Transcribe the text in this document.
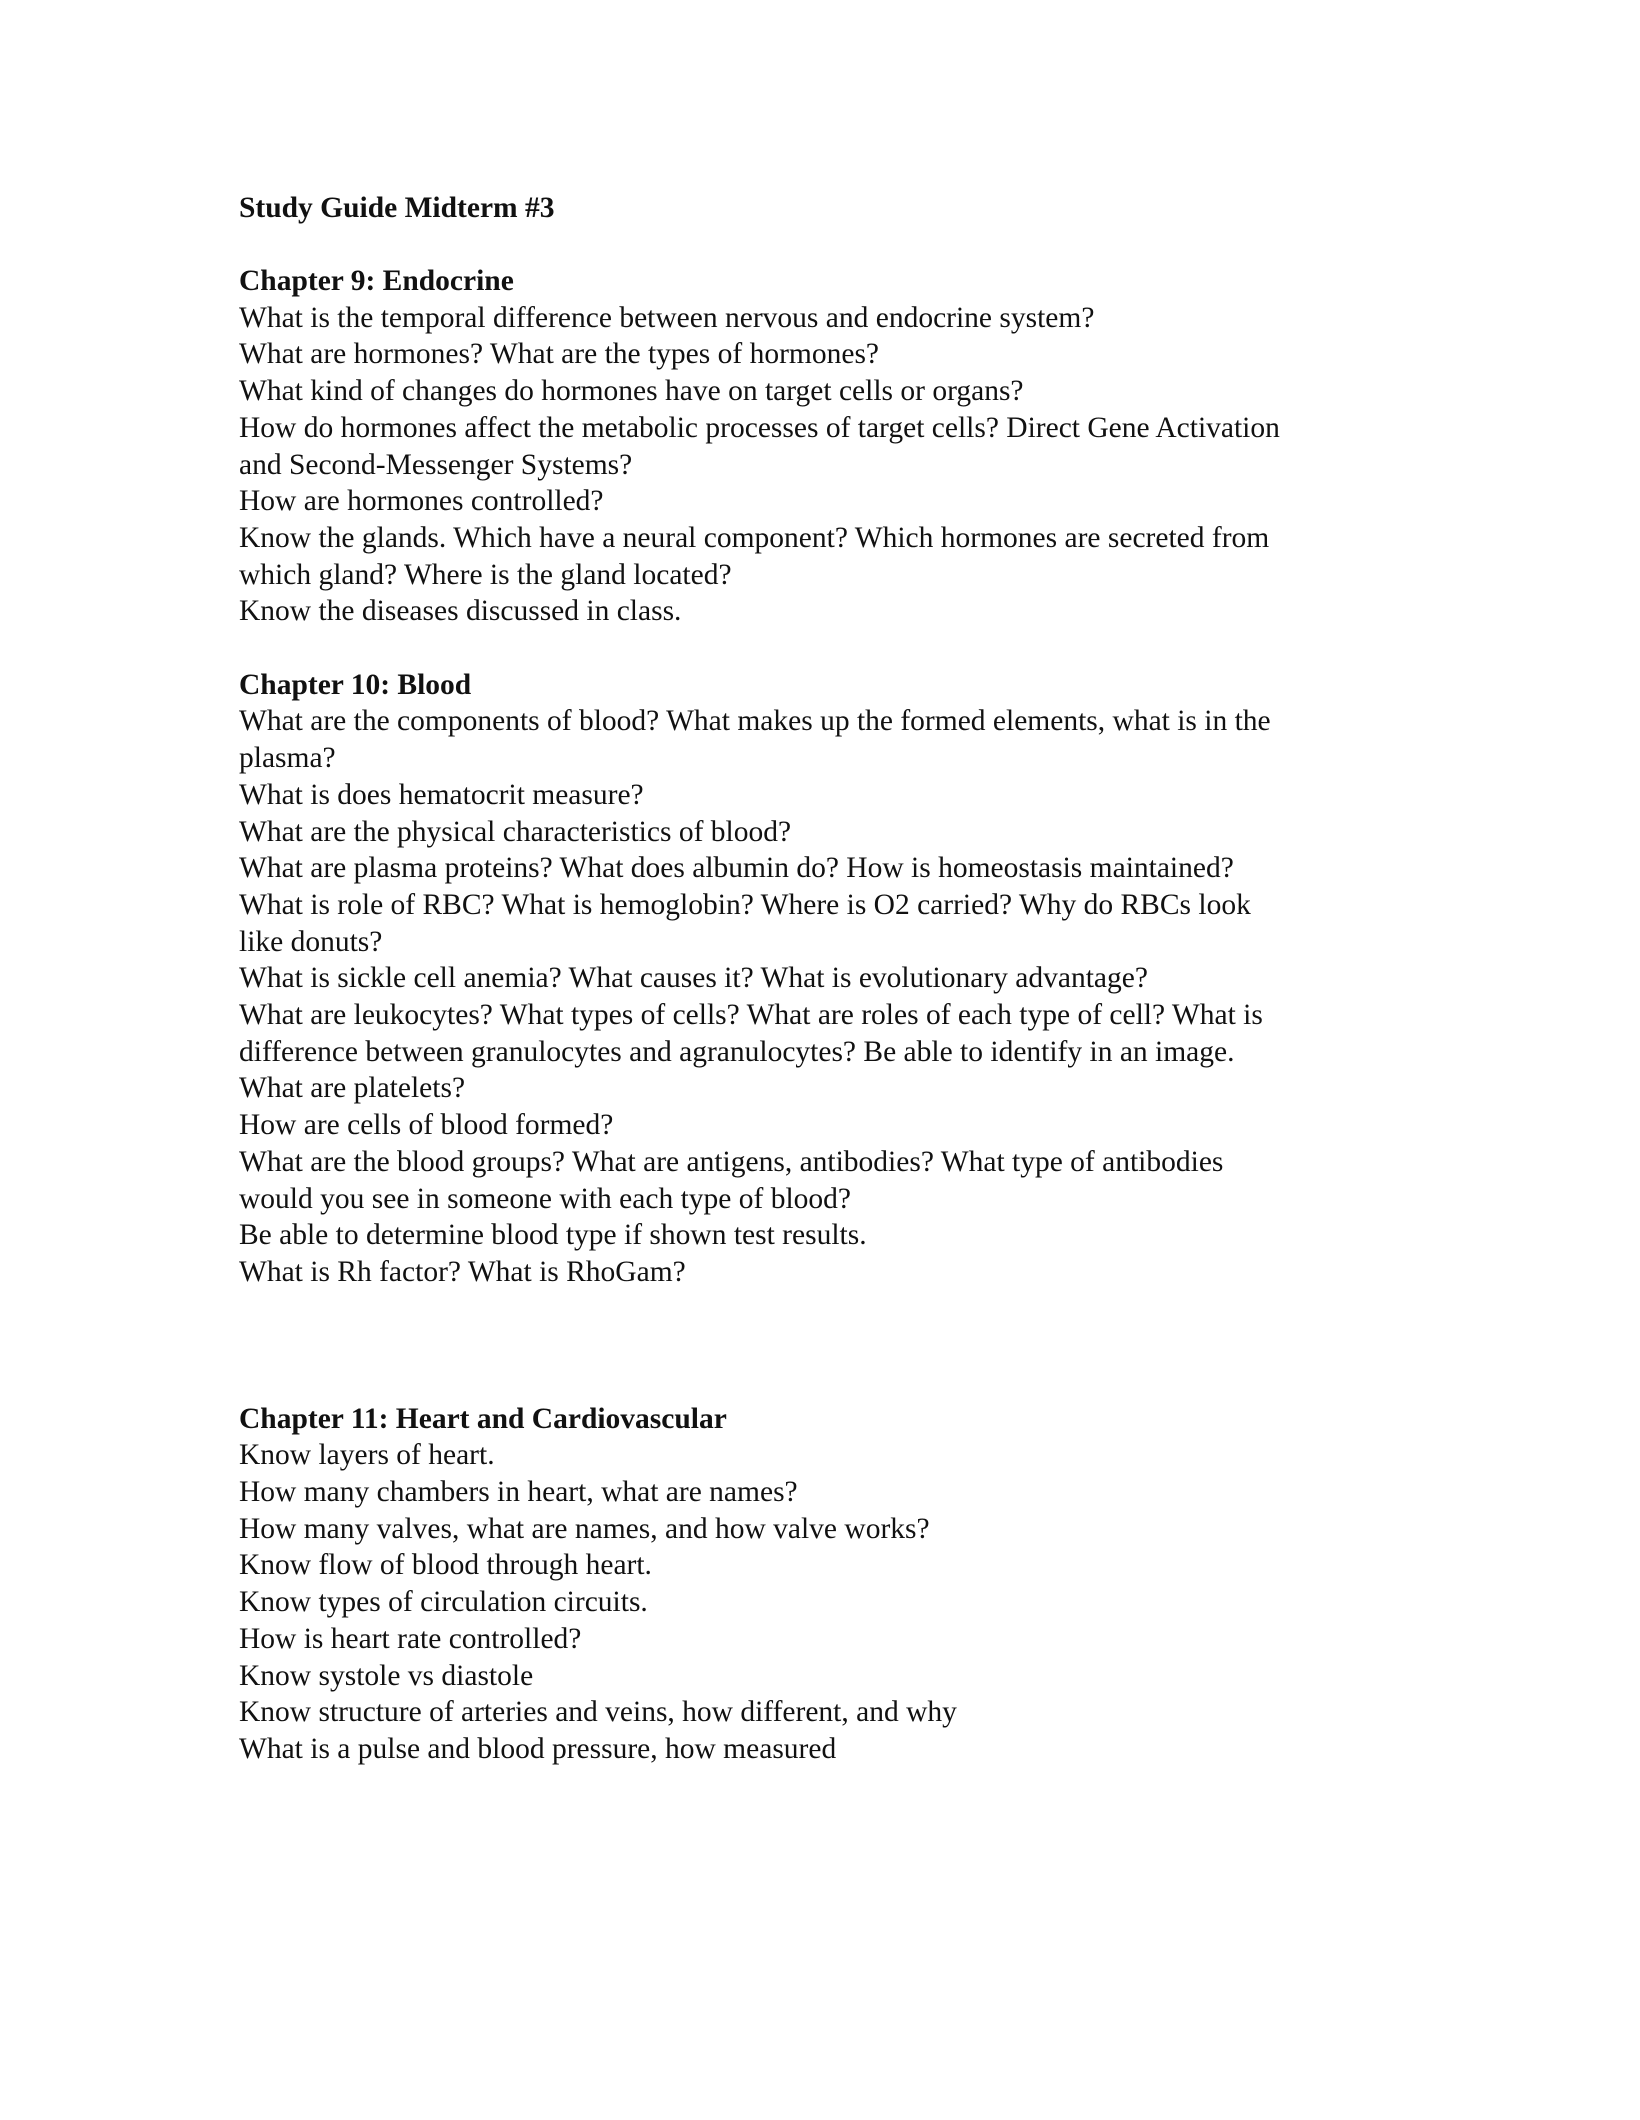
Study Guide Midterm #3
Chapter 9: Endocrine
What is the temporal difference between nervous and endocrine system?
What are hormones? What are the types of hormones?
What kind of changes do hormones have on target cells or organs?
How do hormones affect the metabolic processes of target cells? Direct Gene Activation
and Second-Messenger Systems?
How are hormones controlled?
Know the glands. Which have a neural component? Which hormones are secreted from
which gland? Where is the gland located?
Know the diseases discussed in class.
Chapter 10: Blood
What are the components of blood? What makes up the formed elements, what is in the
plasma?
What is does hematocrit measure?
What are the physical characteristics of blood?
What are plasma proteins? What does albumin do? How is homeostasis maintained?
What is role of RBC? What is hemoglobin? Where is O2 carried? Why do RBCs look
like donuts?
What is sickle cell anemia? What causes it? What is evolutionary advantage?
What are leukocytes? What types of cells? What are roles of each type of cell? What is
difference between granulocytes and agranulocytes? Be able to identify in an image.
What are platelets?
How are cells of blood formed?
What are the blood groups? What are antigens, antibodies? What type of antibodies
would you see in someone with each type of blood?
Be able to determine blood type if shown test results.
What is Rh factor? What is RhoGam?
Chapter 11: Heart and Cardiovascular
Know layers of heart.
How many chambers in heart, what are names?
How many valves, what are names, and how valve works?
Know flow of blood through heart.
Know types of circulation circuits.
How is heart rate controlled?
Know systole vs diastole
Know structure of arteries and veins, how different, and why
What is a pulse and blood pressure, how measured
